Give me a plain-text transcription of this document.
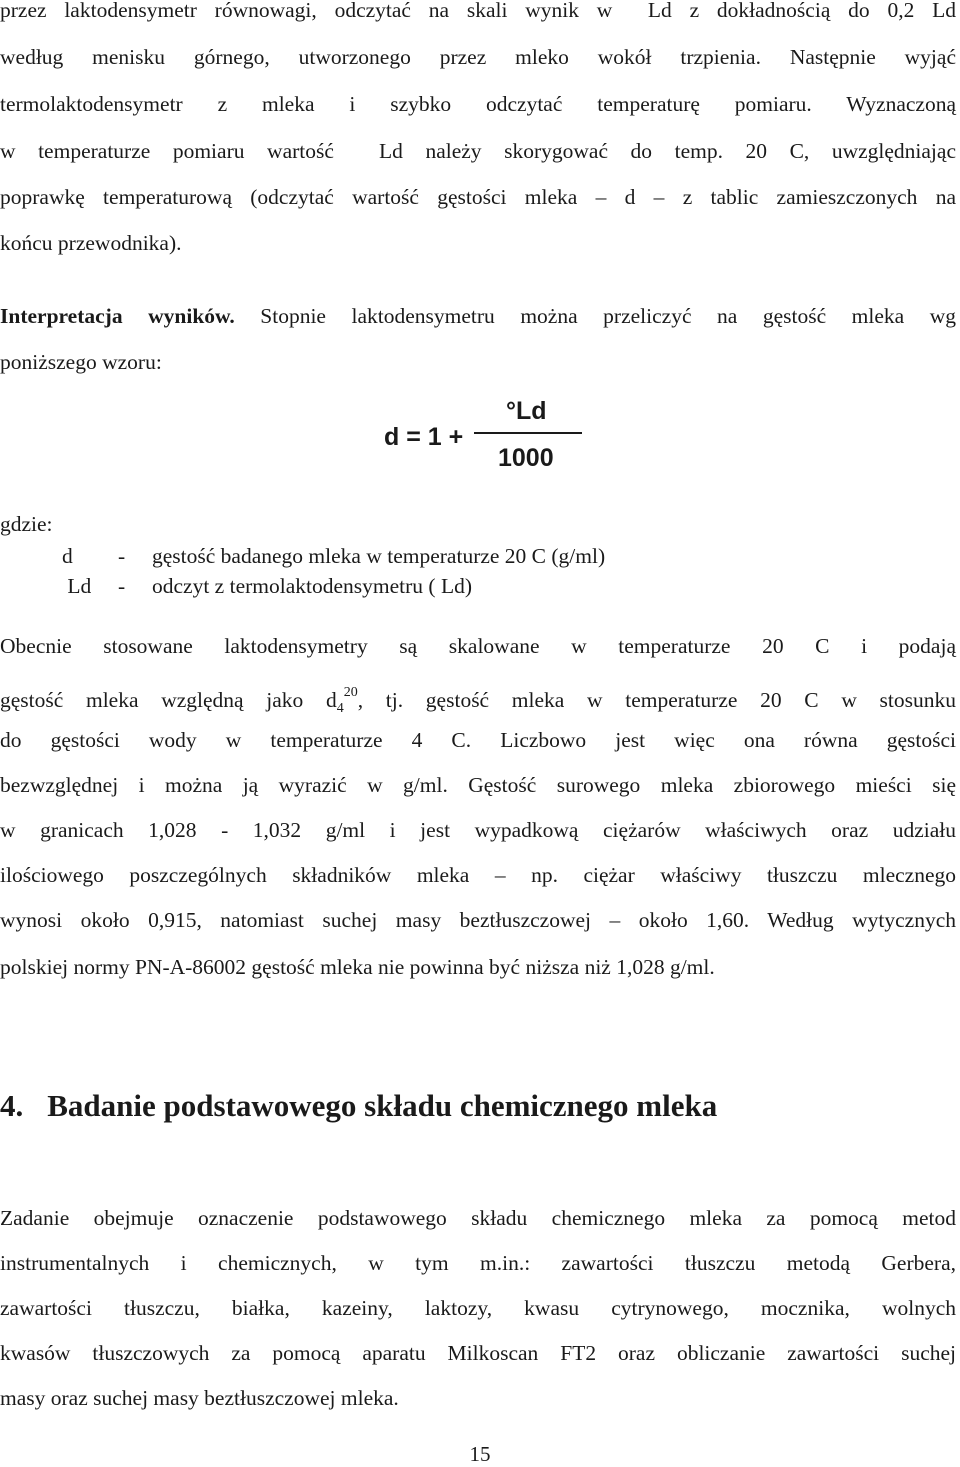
przez laktodensymetr równowagi, odczytać na skali wynik w  Ld z dokładnością do 0,2 Ld
według menisku górnego, utworzonego przez mleko wokół trzpienia. Następnie wyjąć
termolaktodensymetr z mleka i szybko odczytać temperaturę pomiaru. Wyznaczoną
w temperaturze pomiaru wartość  Ld należy skorygować do temp. 20 C, uwzględniając
poprawkę temperaturową (odczytać wartość gęstości mleka – d – z tablic zamieszczonych na
końcu przewodnika).
Interpretacja wyników. Stopnie laktodensymetru można przeliczyć na gęstość mleka wg
poniższego wzoru:
d = 1 +
°Ld
1000
gdzie:
d - gęstość badanego mleka w temperaturze 20 C (g/ml)
Ld - odczyt z termolaktodensymetru ( Ld)
Obecnie stosowane laktodensymetry są skalowane w temperaturze 20 C i podają
gęstość mleka względną jako $d_4^{20}$, tj. gęstość mleka w temperaturze 20 C w stosunku
do gęstości wody w temperaturze 4 C. Liczbowo jest więc ona równa gęstości
bezwzględnej i można ją wyrazić w g/ml. Gęstość surowego mleka zbiorowego mieści się
w granicach 1,028 - 1,032 g/ml i jest wypadkową ciężarów właściwych oraz udziału
ilościowego poszczególnych składników mleka – np. ciężar właściwy tłuszczu mlecznego
wynosi około 0,915, natomiast suchej masy beztłuszczowej – około 1,60. Według wytycznych
polskiej normy PN-A-86002 gęstość mleka nie powinna być niższa niż 1,028 g/ml.
4. Badanie podstawowego składu chemicznego mleka
Zadanie obejmuje oznaczenie podstawowego składu chemicznego mleka za pomocą metod
instrumentalnych i chemicznych, w tym m.in.: zawartości tłuszczu metodą Gerbera,
zawartości tłuszczu, białka, kazeiny, laktozy, kwasu cytrynowego, mocznika, wolnych
kwasów tłuszczowych za pomocą aparatu Milkoscan FT2 oraz obliczanie zawartości suchej
masy oraz suchej masy beztłuszczowej mleka.
15
